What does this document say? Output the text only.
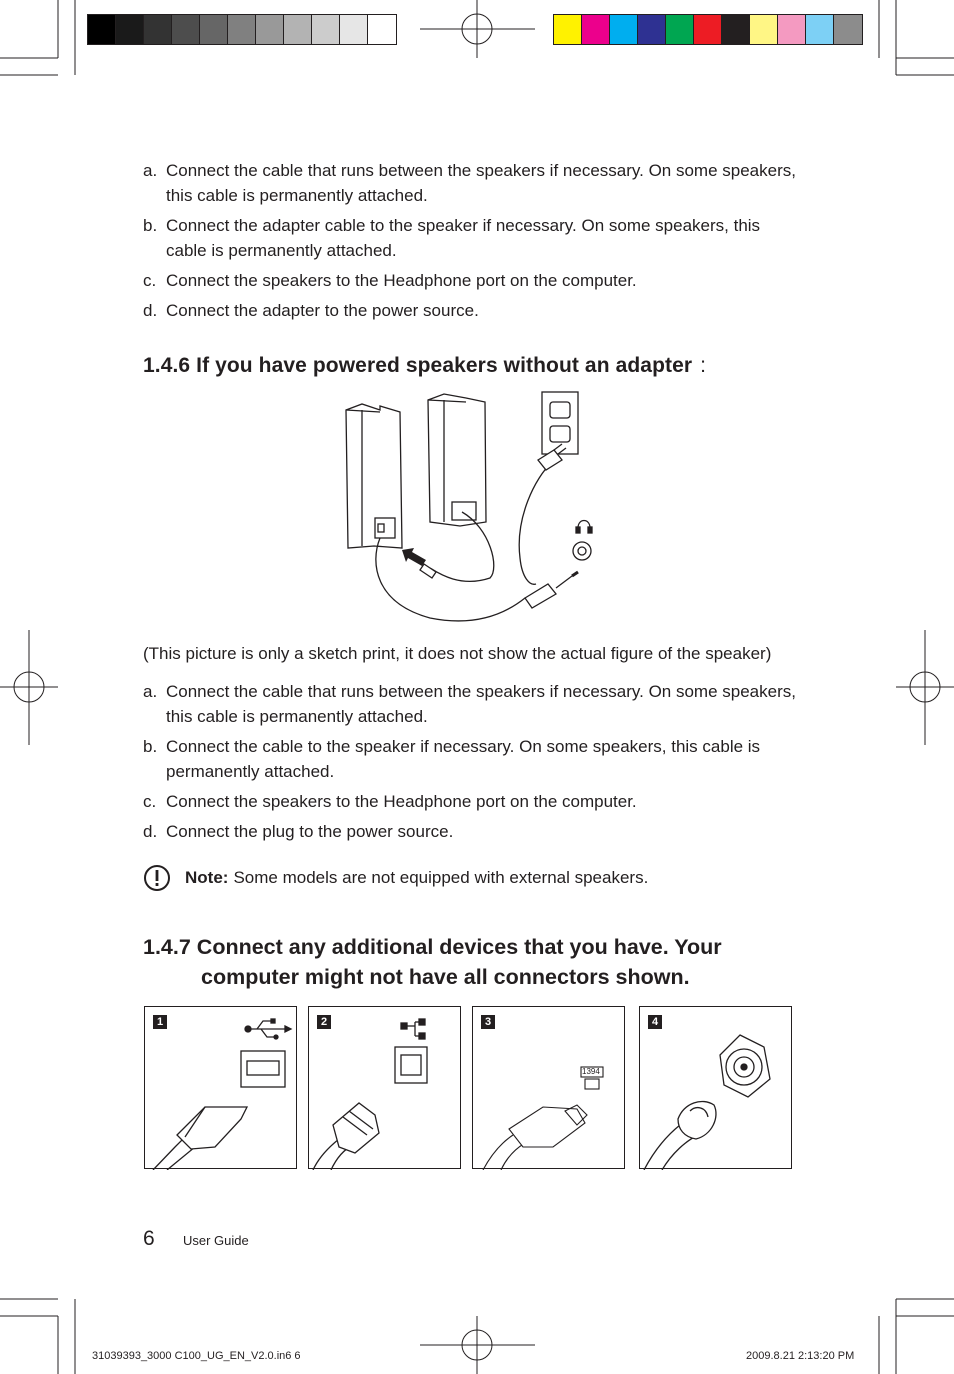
a. Connect the cable that runs between the speakers if necessary. On some speakers, this cable is permanently attached.
b. Connect the adapter cable to the speaker if necessary. On some speakers, this cable is permanently attached.
c. Connect the speakers to the Headphone port on the computer.
d. Connect the adapter to the power source.
1.4.6 If you have powered speakers without an adapter :
(This picture is only a sketch print, it does not show the actual figure of the speaker)
a. Connect the cable that runs between the speakers if necessary. On some speakers, this cable is permanently attached.
b. Connect the cable to the speaker if necessary. On some speakers, this cable is permanently attached.
c. Connect the speakers to the Headphone port on the computer.
d. Connect the plug to the power source.
Note: Some models are not equipped with external speakers.
1.4.7 Connect any additional devices that you have. Your
computer might not have all connectors shown.
1	2	3
1394
4
6 User Guide
31039393_3000 C100_UG_EN_V2.0.in6 6	2009.8.21 2:13:20 PM
